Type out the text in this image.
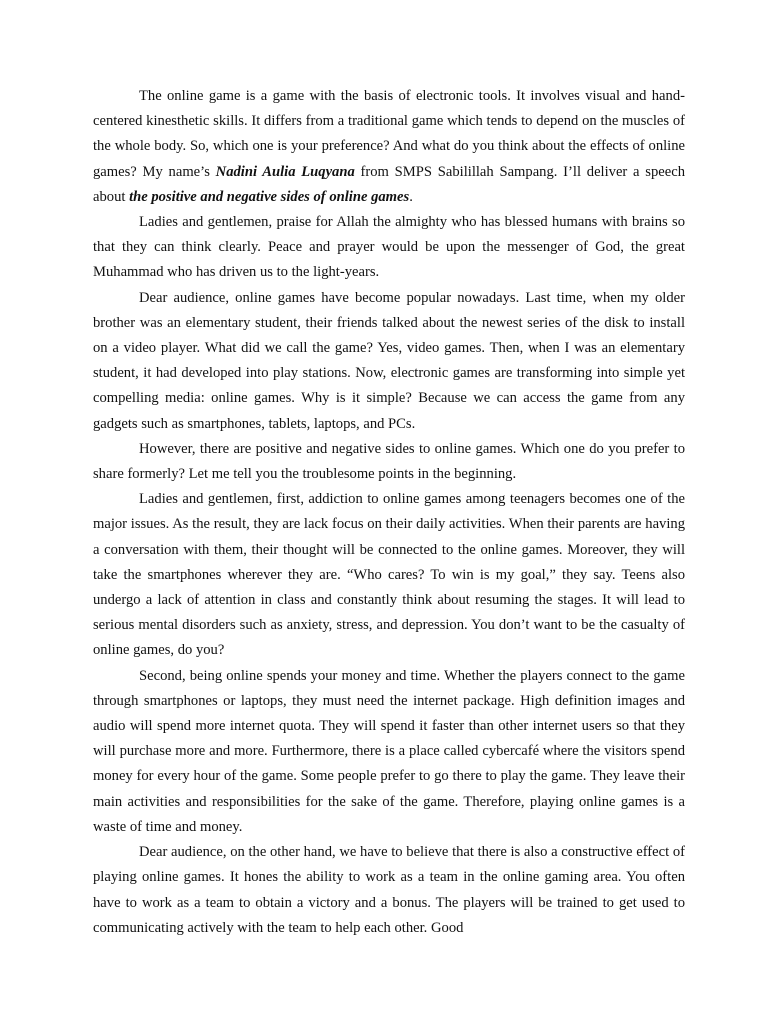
The online game is a game with the basis of electronic tools. It involves visual and hand-centered kinesthetic skills. It differs from a traditional game which tends to depend on the muscles of the whole body. So, which one is your preference? And what do you think about the effects of online games? My name’s Nadini Aulia Luqyana from SMPS Sabilillah Sampang. I’ll deliver a speech about the positive and negative sides of online games.

Ladies and gentlemen, praise for Allah the almighty who has blessed humans with brains so that they can think clearly. Peace and prayer would be upon the messenger of God, the great Muhammad who has driven us to the light-years.

Dear audience, online games have become popular nowadays. Last time, when my older brother was an elementary student, their friends talked about the newest series of the disk to install on a video player. What did we call the game? Yes, video games. Then, when I was an elementary student, it had developed into play stations. Now, electronic games are transforming into simple yet compelling media: online games. Why is it simple? Because we can access the game from any gadgets such as smartphones, tablets, laptops, and PCs.

However, there are positive and negative sides to online games. Which one do you prefer to share formerly? Let me tell you the troublesome points in the beginning.

Ladies and gentlemen, first, addiction to online games among teenagers becomes one of the major issues. As the result, they are lack focus on their daily activities. When their parents are having a conversation with them, their thought will be connected to the online games. Moreover, they will take the smartphones wherever they are. “Who cares? To win is my goal,” they say. Teens also undergo a lack of attention in class and constantly think about resuming the stages. It will lead to serious mental disorders such as anxiety, stress, and depression. You don’t want to be the casualty of online games, do you?

Second, being online spends your money and time. Whether the players connect to the game through smartphones or laptops, they must need the internet package. High definition images and audio will spend more internet quota. They will spend it faster than other internet users so that they will purchase more and more. Furthermore, there is a place called cybercafé where the visitors spend money for every hour of the game. Some people prefer to go there to play the game. They leave their main activities and responsibilities for the sake of the game. Therefore, playing online games is a waste of time and money.

Dear audience, on the other hand, we have to believe that there is also a constructive effect of playing online games. It hones the ability to work as a team in the online gaming area. You often have to work as a team to obtain a victory and a bonus. The players will be trained to get used to communicating actively with the team to help each other. Good
